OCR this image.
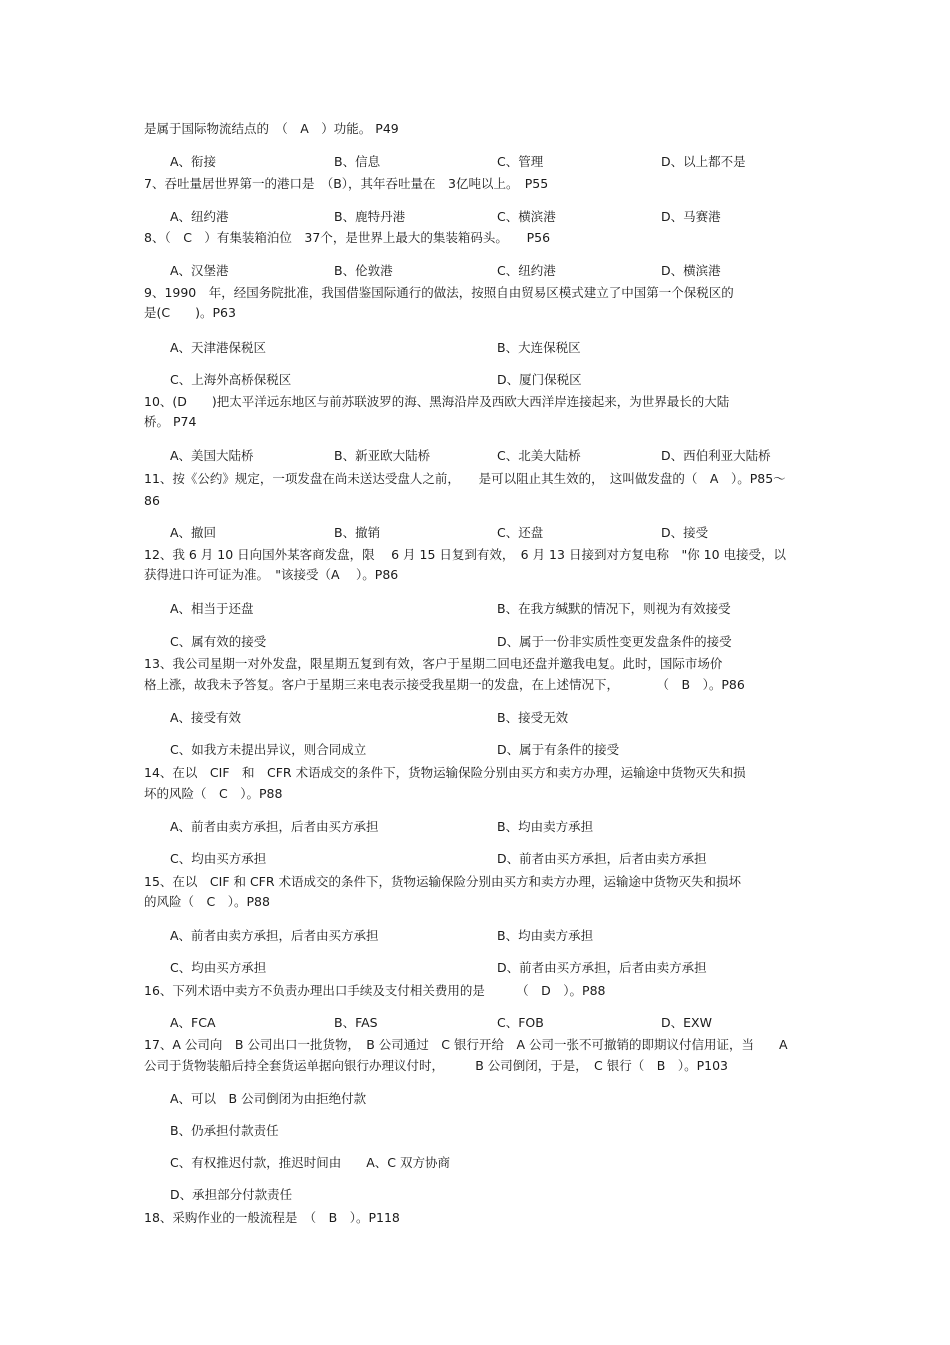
是属于国际物流结点的　（　A　）功能。 P49
7、吞吐量居世界第一的港口是　（B），其年吞吐量在　3亿吨以上。　P55
8、（　C　）有集装箱泊位　37个，是世界上最大的集装箱码头。　　P56
9、1990　年，经国务院批准，我国借鉴国际通行的做法，按照自由贸易区模式建立了中国第一个保税区的
是(C　　)。P63
10、(D　　)把太平洋远东地区与前苏联波罗的海、黑海沿岸及西欧大西洋岸连接起来，为世界最长的大陆
桥。 P74
11、按《公约》规定，一项发盘在尚未送达受盘人之前，　　是可以阻止其生效的，　这叫做发盘的（　A　）。P85～
86
12、我 6 月 10 日向国外某客商发盘，限　 6 月 15 日复到有效，　6 月 13 日接到对方复电称　"你 10 电接受，以
获得进口许可证为准。　"该接受（A　 ）。P86
13、我公司星期一对外发盘，限星期五复到有效，客户于星期二回电还盘并邀我电复。此时，国际市场价
格上涨，故我未予答复。客户于星期三来电表示接受我星期一的发盘，在上述情况下，　　　　（　B　）。P86
14、在以　CIF　和　CFR 术语成交的条件下，货物运输保险分别由买方和卖方办理，运输途中货物灭失和损
坏的风险（　C　）。P88
15、在以　CIF 和 CFR 术语成交的条件下，货物运输保险分别由买方和卖方办理，运输途中货物灭失和损坏
的风险（　C　）。P88
16、下列术语中卖方不负责办理出口手续及支付相关费用的是　　　（　D　）。P88
17、A 公司向　B 公司出口一批货物，　B 公司通过　C 银行开给　A 公司一张不可撤销的即期议付信用证，当　　A
公司于货物装船后持全套货运单据向银行办理议付时，　　　B 公司倒闭，于是，　C 银行（　B　）。P103
18、采购作业的一般流程是　（　B　）。P118
A、衔接	B、信息	C、管理	D、以上都不是
A、纽约港	B、鹿特丹港	C、横滨港	D、马赛港
A、汉堡港	B、伦敦港	C、纽约港	D、横滨港
A、天津港保税区	B、大连保税区
C、上海外高桥保税区	D、厦门保税区
A、美国大陆桥	B、新亚欧大陆桥	C、北美大陆桥	D、西伯利亚大陆桥
A、撤回	B、撤销	C、还盘	D、接受
A、相当于还盘	B、在我方缄默的情况下，则视为有效接受
C、属有效的接受	D、属于一份非实质性变更发盘条件的接受
A、接受有效	B、接受无效
C、如我方未提出异议，则合同成立	D、属于有条件的接受
A、前者由卖方承担，后者由买方承担	B、均由卖方承担
C、均由买方承担	D、前者由买方承担，后者由卖方承担
A、前者由卖方承担，后者由买方承担	B、均由卖方承担
C、均由买方承担	D、前者由买方承担，后者由卖方承担
A、FCA	B、FAS	C、FOB	D、EXW
A、可以　B 公司倒闭为由拒绝付款
B、仍承担付款责任
C、有权推迟付款，推迟时间由　　A、C 双方协商
D、承担部分付款责任
